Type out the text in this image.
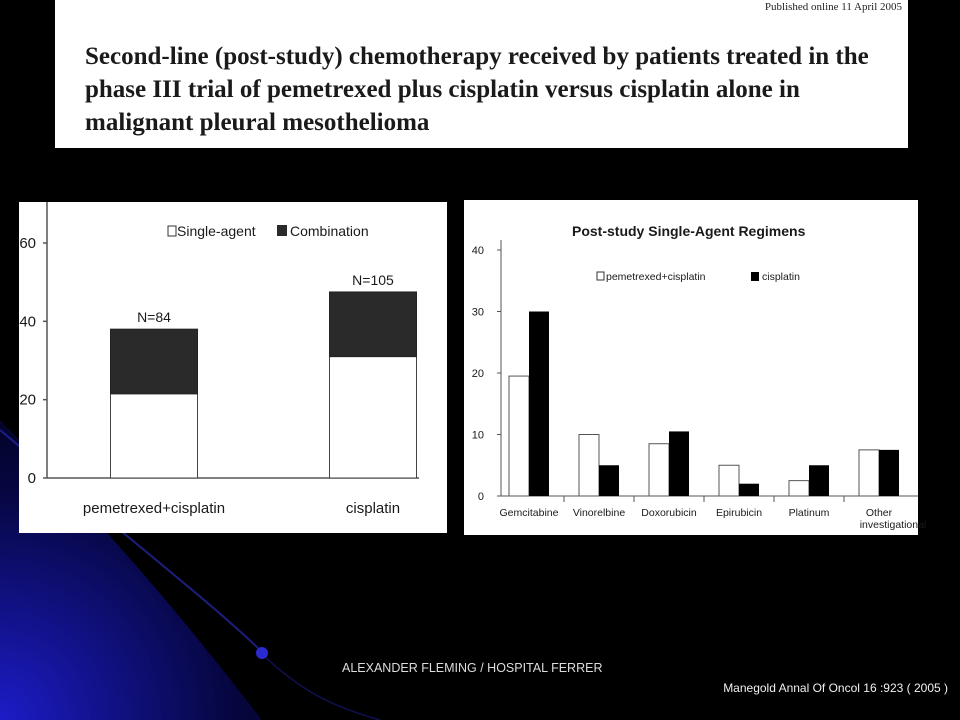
Published online 11 April 2005
Second-line (post-study) chemotherapy received by patients treated in the phase III trial of pemetrexed plus cisplatin versus cisplatin alone in malignant pleural mesothelioma
0
20
40
60
Single-agent Combination
N=84
pemetrexed+cisplatin
N=105
cisplatin
Post-study Single-Agent Regimens
0
10
20
30
40
pemetrexed+cisplatin	cisplatin
Gemcitabine Vinorelbine Doxorubicin Epirubicin	Platinum	Other investigational
ALEXANDER FLEMING / HOSPITAL FERRER
Manegold Annal Of Oncol 16 :923 ( 2005 )
